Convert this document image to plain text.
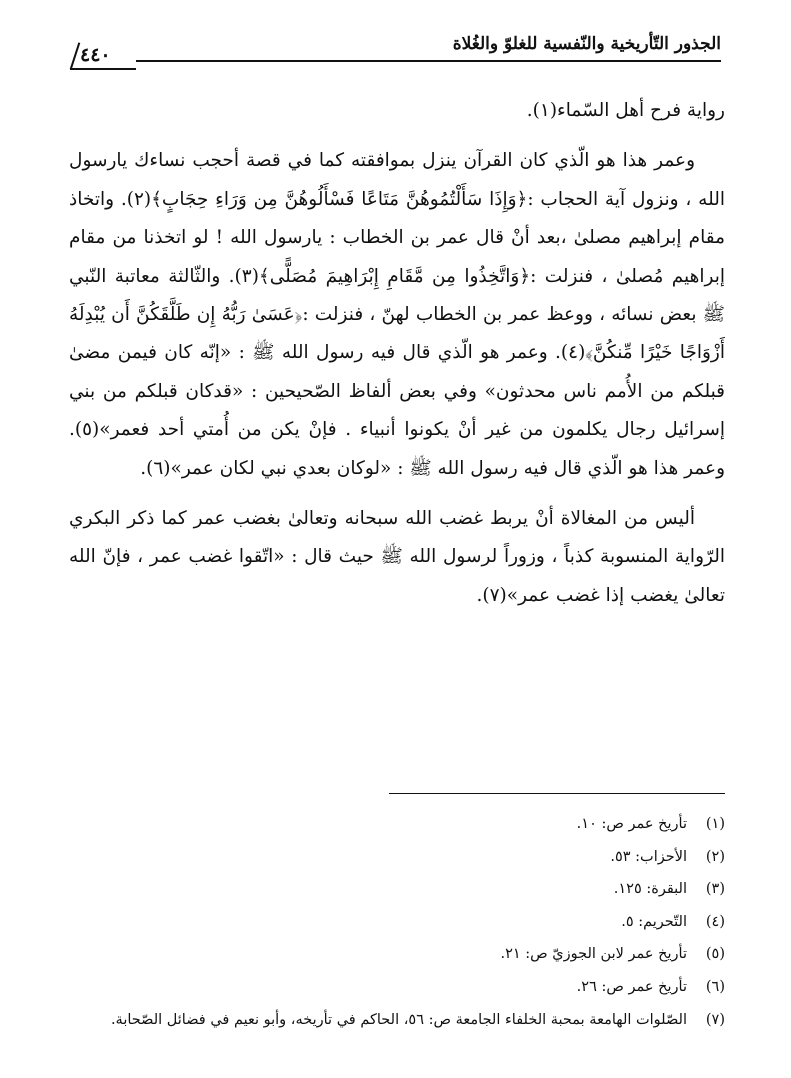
الجذور التّأريخية والنّفسية للغلوّ والغُلاة
٤٤٠

رواية فرح أهل السّماء(١).

وعمر هذا هو الّذي كان القرآن ينزل بموافقته كما في قصة أحجب نساءك يارسول الله ، ونزول آية الحجاب :﴿وَإِذَا سَأَلْتُمُوهُنَّ مَتَاعًا فَسْأَلُوهُنَّ مِن وَرَاءِ حِجَابٍ﴾(٢). واتخاذ مقام إبراهيم مصلىٰ ،بعد أنْ قال عمر بن الخطاب : يارسول الله ! لو اتخذنا من مقام إبراهيم مُصلىٰ ، فنزلت :﴿وَاتَّخِذُوا مِن مَّقَامِ إِبْرَاهِيمَ مُصَلًّى﴾(٣). والثّالثة معاتبة النّبي ﷺ بعض نسائه ، ووعظ عمر بن الخطاب لهنّ ، فنزلت :﴿عَسَىٰ رَبُّهُ إِن طَلَّقَكُنَّ أَن يُبْدِلَهُ أَزْوَاجًا خَيْرًا مِّنكُنَّ﴾(٤). وعمر هو الّذي قال فيه رسول الله ﷺ : «إنّه كان فيمن مضىٰ قبلكم من الأُمم ناس محدثون» وفي بعض ألفاظ الصّحيحين : «قدكان قبلكم من بني إسرائيل رجال يكلمون من غير أنْ يكونوا أنبياء . فإنْ يكن من أُمتي أحد فعمر»(٥). وعمر هذا هو الّذي قال فيه رسول الله ﷺ : «لوكان بعدي نبي لكان عمر»(٦).

أليس من المغالاة أنْ يربط غضب الله سبحانه وتعالىٰ بغضب عمر كما ذكر البكري الرّواية المنسوبة كذباً ، وزوراً لرسول الله ﷺ حيث قال : «اتّقوا غضب عمر ، فإنّ الله تعالىٰ يغضب إذا غضب عمر»(٧).

(١)تأريخ عمر ص: ١٠.
(٢)الأحزاب: ٥٣.
(٣)البقرة: ١٢٥.
(٤)التّحريم: ٥.
(٥)تأريخ عمر لابن الجوزيّ ص: ٢١.
(٦)تأريخ عمر ص: ٢٦.
(٧)الصّلوات الهامعة بمحبة الخلفاء الجامعة ص: ٥٦، الحاكم في تأريخه، وأبو نعيم في فضائل الصّحابة.
